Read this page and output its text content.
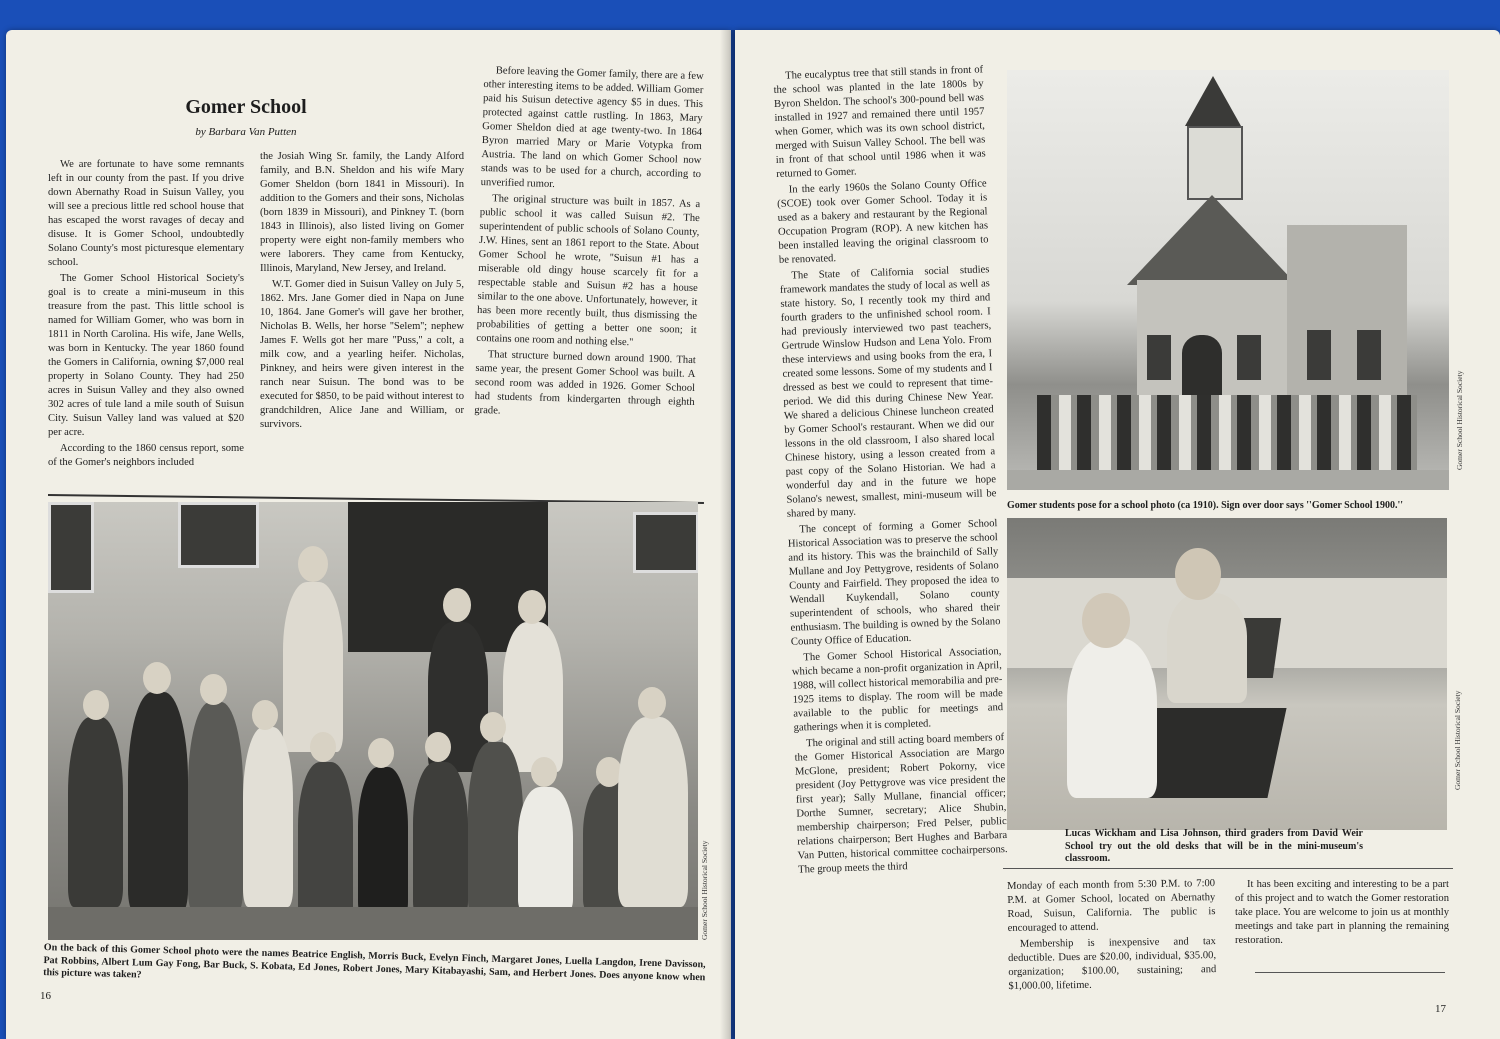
Gomer School
by Barbara Van Putten

We are fortunate to have some remnants left in our county from the past. If you drive down Abernathy Road in Suisun Valley, you will see a precious little red school house that has escaped the worst ravages of decay and disuse. It is Gomer School, undoubtedly Solano County's most picturesque elementary school.

The Gomer School Historical Society's goal is to create a mini-museum in this treasure from the past. This little school is named for William Gomer, who was born in 1811 in North Carolina. His wife, Jane Wells, was born in Kentucky. The year 1860 found the Gomers in California, owning $7,000 real property in Solano County. They had 250 acres in Suisun Valley and they also owned 302 acres of tule land a mile south of Suisun City. Suisun Valley land was valued at $20 per acre.

According to the 1860 census report, some of the Gomer's neighbors included

the Josiah Wing Sr. family, the Landy Alford family, and B.N. Sheldon and his wife Mary Gomer Sheldon (born 1841 in Missouri). In addition to the Gomers and their sons, Nicholas (born 1839 in Missouri), and Pinkney T. (born 1843 in Illinois), also listed living on Gomer property were eight non-family members who were laborers. They came from Kentucky, Illinois, Maryland, New Jersey, and Ireland.

W.T. Gomer died in Suisun Valley on July 5, 1862. Mrs. Jane Gomer died in Napa on June 10, 1864. Jane Gomer's will gave her brother, Nicholas B. Wells, her horse ''Selem''; nephew James F. Wells got her mare ''Puss,'' a colt, a milk cow, and a yearling heifer. Nicholas, Pinkney, and heirs were given interest in the ranch near Suisun. The bond was to be executed for $850, to be paid without interest to grandchildren, Alice Jane and William, or survivors.

Before leaving the Gomer family, there are a few other interesting items to be added. William Gomer paid his Suisun detective agency $5 in dues. This protected against cattle rustling. In 1863, Mary Gomer Sheldon died at age twenty-two. In 1864 Byron married Mary or Marie Votypka from Austria. The land on which Gomer School now stands was to be used for a church, according to unverified rumor.

The original structure was built in 1857. As a public school it was called Suisun #2. The superintendent of public schools of Solano County, J.W. Hines, sent an 1861 report to the State. About Gomer School he wrote, ''Suisun #1 has a miserable old dingy house scarcely fit for a respectable stable and Suisun #2 has a house similar to the one above. Unfortunately, however, it has been more recently built, thus dismissing the probabilities of getting a better one soon; it contains one room and nothing else.''

That structure burned down around 1900. That same year, the present Gomer School was built. A second room was added in 1926. Gomer School had students from kindergarten through eighth grade.

Gomer School Historical Society
On the back of this Gomer School photo were the names Beatrice English, Morris Buck, Evelyn Finch, Margaret Jones, Luella Langdon, Irene Davisson, Pat Robbins, Albert Lum Gay Fong, Bar Buck, S. Kobata, Ed Jones, Robert Jones, Mary Kitabayashi, Sam, and Herbert Jones. Does anyone know when this picture was taken?
16

The eucalyptus tree that still stands in front of the school was planted in the late 1800s by Byron Sheldon. The school's 300-pound bell was installed in 1927 and remained there until 1957 when Gomer, which was its own school district, merged with Suisun Valley School. The bell was in front of that school until 1986 when it was returned to Gomer.

In the early 1960s the Solano County Office (SCOE) took over Gomer School. Today it is used as a bakery and restaurant by the Regional Occupation Program (ROP). A new kitchen has been installed leaving the original classroom to be renovated.

The State of California social studies framework mandates the study of local as well as state history. So, I recently took my third and fourth graders to the unfinished school room. I had previously interviewed two past teachers, Gertrude Winslow Hudson and Lena Yolo. From these interviews and using books from the era, I created some lessons. Some of my students and I dressed as best we could to represent that time-period. We did this during Chinese New Year. We shared a delicious Chinese luncheon created by Gomer School's restaurant. When we did our lessons in the old classroom, I also shared local Chinese history, using a lesson created from a past copy of the Solano Historian. We had a wonderful day and in the future we hope Solano's newest, smallest, mini-museum will be shared by many.

The concept of forming a Gomer School Historical Association was to preserve the school and its history. This was the brainchild of Sally Mullane and Joy Pettygrove, residents of Solano County and Fairfield. They proposed the idea to Wendall Kuykendall, Solano county superintendent of schools, who shared their enthusiasm. The building is owned by the Solano County Office of Education.

The Gomer School Historical Association, which became a non-profit organization in April, 1988, will collect historical memorabilia and pre-1925 items to display. The room will be made available to the public for meetings and gatherings when it is completed.

The original and still acting board members of the Gomer Historical Association are Margo McGlone, president; Robert Pokorny, vice president (Joy Pettygrove was vice president the first year); Sally Mullane, financial officer; Dorthe Sumner, secretary; Alice Shubin, membership chairperson; Fred Pelser, public relations chairperson; Bert Hughes and Barbara Van Putten, historical committee cochairpersons. The group meets the third

Gomer School Historical Society
Gomer students pose for a school photo (ca 1910). Sign over door says ''Gomer School 1900.''
Gomer School Historical Society
Lucas Wickham and Lisa Johnson, third graders from David Weir School try out the old desks that will be in the mini-museum's classroom.

Monday of each month from 5:30 P.M. to 7:00 P.M. at Gomer School, located on Abernathy Road, Suisun, California. The public is encouraged to attend.

Membership is inexpensive and tax deductible. Dues are $20.00, individual, $35.00, organization; $100.00, sustaining; and $1,000.00, lifetime.

It has been exciting and interesting to be a part of this project and to watch the Gomer restoration take place. You are welcome to join us at monthly meetings and take part in planning the remaining restoration.

17
